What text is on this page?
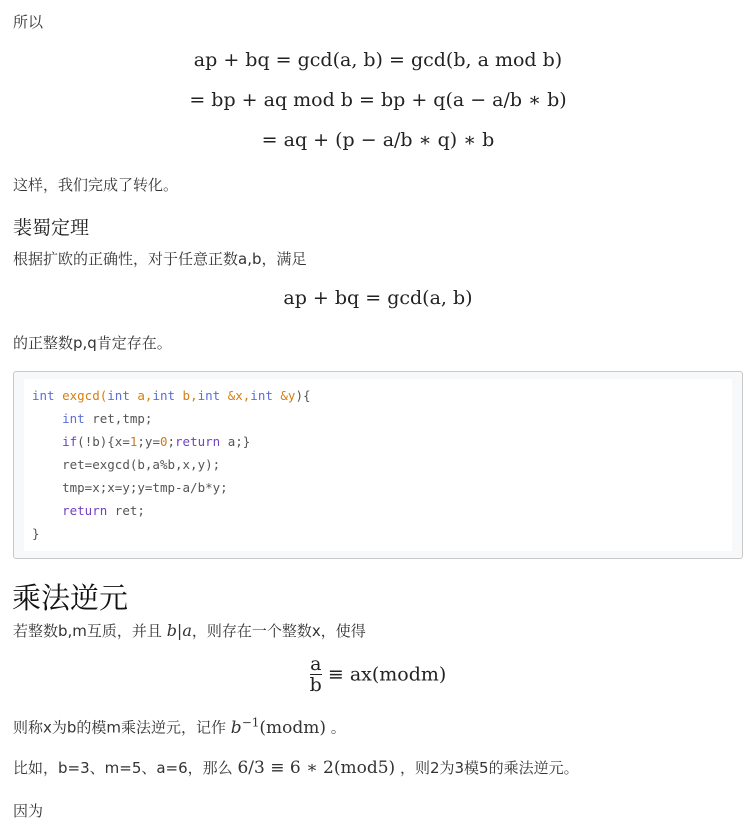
所以
ap + bq = gcd(a, b) = gcd(b, a mod b)
= bp + aq mod b = bp + q(a − a/b ∗ b)
= aq + (p − a/b ∗ q) ∗ b
这样，我们完成了转化。
裴蜀定理
根据扩欧的正确性，对于任意正数a,b，满足
ap + bq = gcd(a, b)
的正整数p,q肯定存在。
int exgcd(int a,int b,int &x,int &y){
int ret,tmp;
if(!b){x=1;y=0;return a;}
ret=exgcd(b,a%b,x,y);
tmp=x;x=y;y=tmp-a/b*y;
return ret;
}
乘法逆元
若整数b,m互质，并且 b|a，则存在一个整数x，使得
$\frac{a}{b}$ ≡ ax(modm)
则称x为b的模m乘法逆元，记作 $b^{-1}(modm)$ 。
比如，b=3、m=5、a=6，那么 6/3 ≡ 6 ∗ 2(mod5) ，则2为3模5的乘法逆元。
因为
